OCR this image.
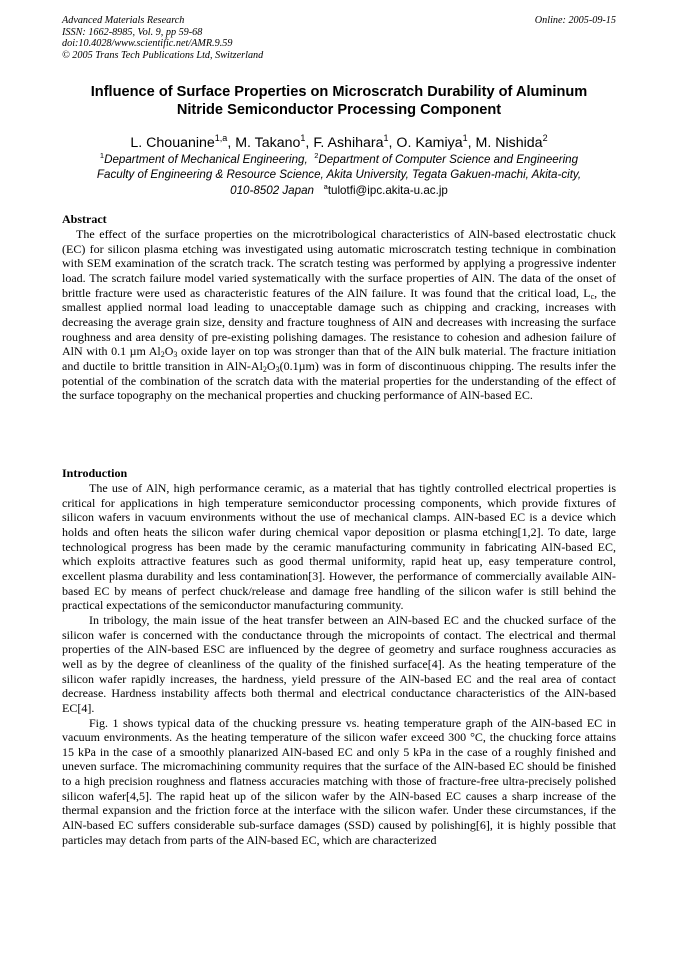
Advanced Materials Research
ISSN: 1662-8985, Vol. 9, pp 59-68
doi:10.4028/www.scientific.net/AMR.9.59
© 2005 Trans Tech Publications Ltd, Switzerland
Online: 2005-09-15
Influence of Surface Properties on Microscratch Durability of Aluminum
Nitride Semiconductor Processing Component
L. Chouanine$^{1,a}$, M. Takano$^1$, F. Ashihara$^1$, O. Kamiya$^1$, M. Nishida$^2$
$^1$Department of Mechanical Engineering, $^2$Department of Computer Science and Engineering
Faculty of Engineering & Resource Science, Akita University, Tegata Gakuen-machi, Akita-city,
010-8502 Japan $^a$tulotfi@ipc.akita-u.ac.jp
Abstract

The effect of the surface properties on the microtribological characteristics of AlN-based electrostatic chuck (EC) for silicon plasma etching was investigated using automatic microscratch testing technique in combination with SEM examination of the scratch track. The scratch testing was performed by applying a progressive indenter load. The scratch failure model varied systematically with the surface properties of AlN. The data of the onset of brittle fracture were used as characteristic features of the AlN failure. It was found that the critical load, $L_c$, the smallest applied normal load leading to unacceptable damage such as chipping and cracking, increases with decreasing the average grain size, density and fracture toughness of AlN and decreases with increasing the surface roughness and area density of pre-existing polishing damages. The resistance to cohesion and adhesion failure of AlN with 0.1 µm $Al_2O_3$ oxide layer on top was stronger than that of the AlN bulk material. The fracture initiation and ductile to brittle transition in AlN-$Al_2O_3(0.1\mu m)$ was in form of discontinuous chipping. The results infer the potential of the combination of the scratch data with the material properties for the understanding of the effect of the surface topography on the mechanical properties and chucking performance of AlN-based EC.

Introduction

The use of AlN, high performance ceramic, as a material that has tightly controlled electrical properties is critical for applications in high temperature semiconductor processing components, which provide fixtures of silicon wafers in vacuum environments without the use of mechanical clamps. AlN-based EC is a device which holds and often heats the silicon wafer during chemical vapor deposition or plasma etching[1,2]. To date, large technological progress has been made by the ceramic manufacturing community in fabricating AlN-based EC, which exploits attractive features such as good thermal uniformity, rapid heat up, easy temperature control, excellent plasma durability and less contamination[3]. However, the performance of commercially available AlN-based EC by means of perfect chuck/release and damage free handling of the silicon wafer is still behind the practical expectations of the semiconductor manufacturing community.

In tribology, the main issue of the heat transfer between an AlN-based EC and the chucked surface of the silicon wafer is concerned with the conductance through the micropoints of contact. The electrical and thermal properties of the AlN-based ESC are influenced by the degree of geometry and surface roughness accuracies as well as by the degree of cleanliness of the quality of the finished surface[4]. As the heating temperature of the silicon wafer rapidly increases, the hardness, yield pressure of the AlN-based EC and the real area of contact decrease. Hardness instability affects both thermal and electrical conductance characteristics of the AlN-based EC[4].

Fig. 1 shows typical data of the chucking pressure vs. heating temperature graph of the AlN-based EC in vacuum environments. As the heating temperature of the silicon wafer exceed 300 °C, the chucking force attains 15 kPa in the case of a smoothly planarized AlN-based EC and only 5 kPa in the case of a roughly finished and uneven surface. The micromachining community requires that the surface of the AlN-based EC should be finished to a high precision roughness and flatness accuracies matching with those of fracture-free ultra-precisely polished silicon wafer[4,5]. The rapid heat up of the silicon wafer by the AlN-based EC causes a sharp increase of the thermal expansion and the friction force at the interface with the silicon wafer. Under these circumstances, if the AlN-based EC suffers considerable sub-surface damages (SSD) caused by polishing[6], it is highly possible that particles may detach from parts of the AlN-based EC, which are characterized
